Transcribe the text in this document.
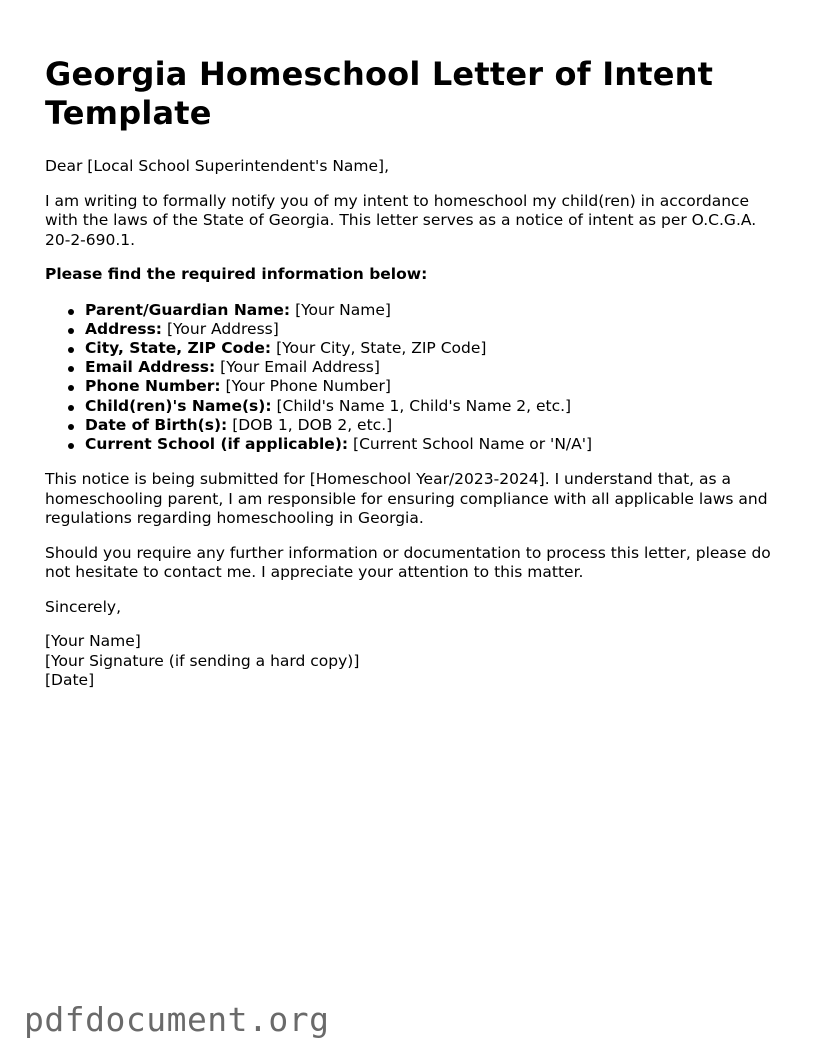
Georgia Homeschool Letter of Intent Template

Dear [Local School Superintendent's Name],

I am writing to formally notify you of my intent to homeschool my child(ren) in accordance with the laws of the State of Georgia. This letter serves as a notice of intent as per O.C.G.A. 20-2-690.1.

Please find the required information below:

Parent/Guardian Name: [Your Name]
Address: [Your Address]
City, State, ZIP Code: [Your City, State, ZIP Code]
Email Address: [Your Email Address]
Phone Number: [Your Phone Number]
Child(ren)'s Name(s): [Child's Name 1, Child's Name 2, etc.]
Date of Birth(s): [DOB 1, DOB 2, etc.]
Current School (if applicable): [Current School Name or 'N/A']

This notice is being submitted for [Homeschool Year/2023-2024]. I understand that, as a homeschooling parent, I am responsible for ensuring compliance with all applicable laws and regulations regarding homeschooling in Georgia.

Should you require any further information or documentation to process this letter, please do not hesitate to contact me. I appreciate your attention to this matter.

Sincerely,

[Your Name]

[Your Signature (if sending a hard copy)]

[Date]

pdfdocument.org
